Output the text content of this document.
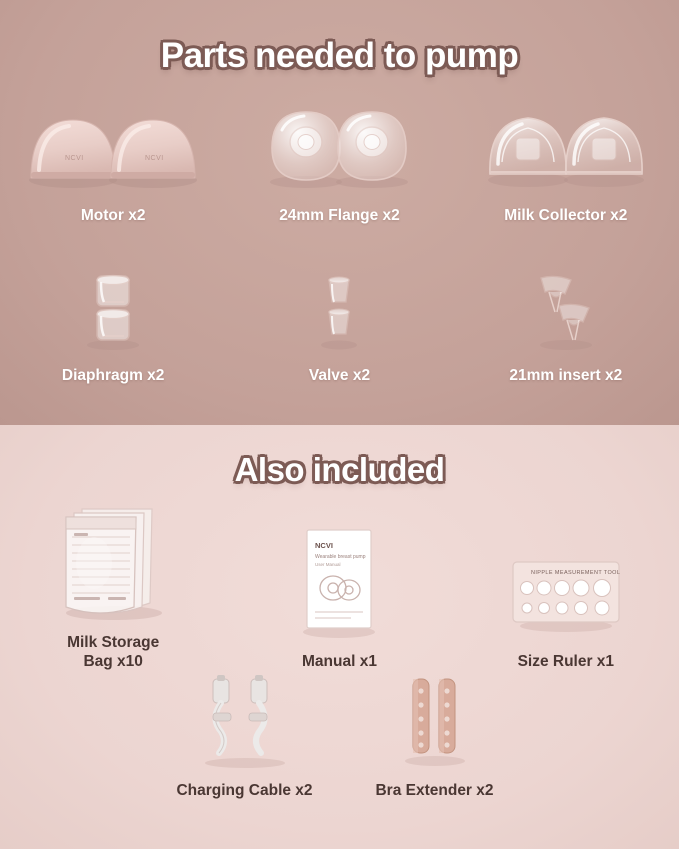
Parts needed to pump
NCVI	NCVI
Motor x2	24mm Flange x2	Milk Collector x2
Diaphragm x2	Valve x2	21mm insert x2
Also included
Milk Storage
Bag x10
NCVI
Wearable breast pump
User Manual
Manual x1
NIPPLE MEASUREMENT TOOL
Size Ruler x1
Charging Cable x2	Bra Extender x2
